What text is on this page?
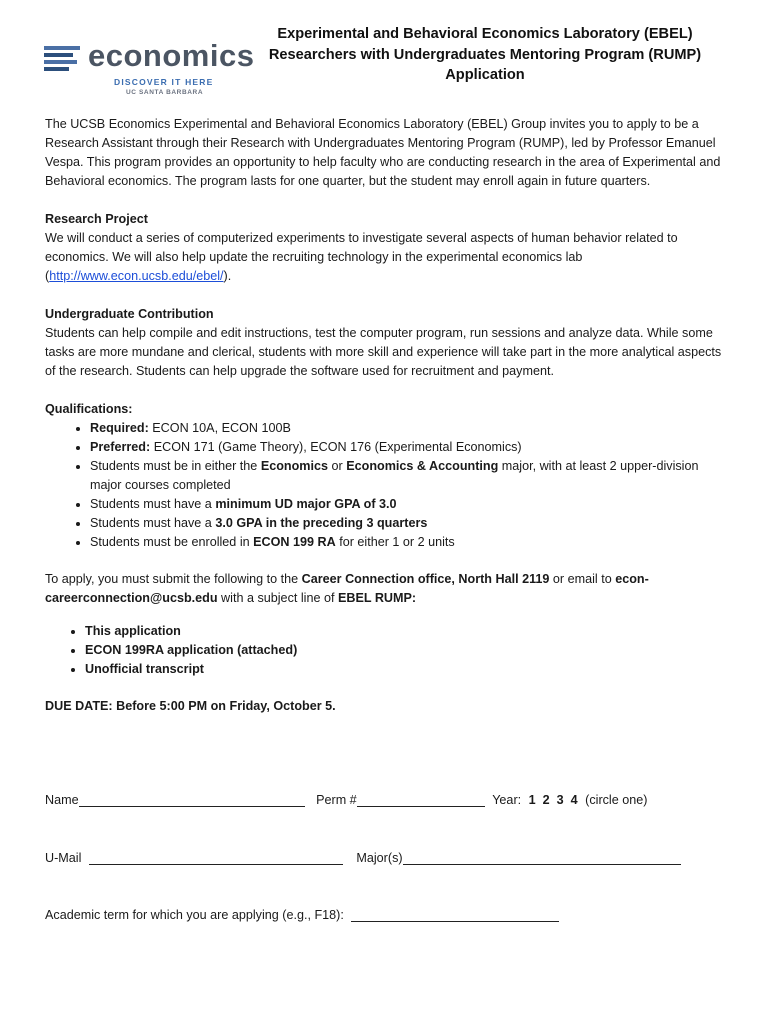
economics
DISCOVER IT HERE
UC SANTA BARBARA
Experimental and Behavioral Economics Laboratory (EBEL)
Researchers with Undergraduates Mentoring Program (RUMP)
Application

The UCSB Economics Experimental and Behavioral Economics Laboratory (EBEL) Group invites you to apply to be a Research Assistant through their Research with Undergraduates Mentoring Program (RUMP), led by Professor Emanuel Vespa. This program provides an opportunity to help faculty who are conducting research in the area of Experimental and Behavioral economics. The program lasts for one quarter, but the student may enroll again in future quarters.

Research Project

We will conduct a series of computerized experiments to investigate several aspects of human behavior related to economics. We will also help update the recruiting technology in the experimental economics lab (http://www.econ.ucsb.edu/ebel/).

Undergraduate Contribution

Students can help compile and edit instructions, test the computer program, run sessions and analyze data. While some tasks are more mundane and clerical, students with more skill and experience will take part in the more analytical aspects of the research. Students can help upgrade the software used for recruitment and payment.

Qualifications:

• Required: ECON 10A, ECON 100B
• Preferred: ECON 171 (Game Theory), ECON 176 (Experimental Economics)
• Students must be in either the Economics or Economics & Accounting major, with at least 2 upper-division major courses completed
• Students must have a minimum UD major GPA of 3.0
• Students must have a 3.0 GPA in the preceding 3 quarters
• Students must be enrolled in ECON 199 RA for either 1 or 2 units

To apply, you must submit the following to the Career Connection office, North Hall 2119 or email to econ-careerconnection@ucsb.edu with a subject line of EBEL RUMP:

• This application
• ECON 199RA application (attached)
• Unofficial transcript

DUE DATE: Before 5:00 PM on Friday, October 5.

Name	Perm #	Year: 1  2  3  4 (circle one)
U-Mail	Major(s)
Academic term for which you are applying (e.g., F18):
